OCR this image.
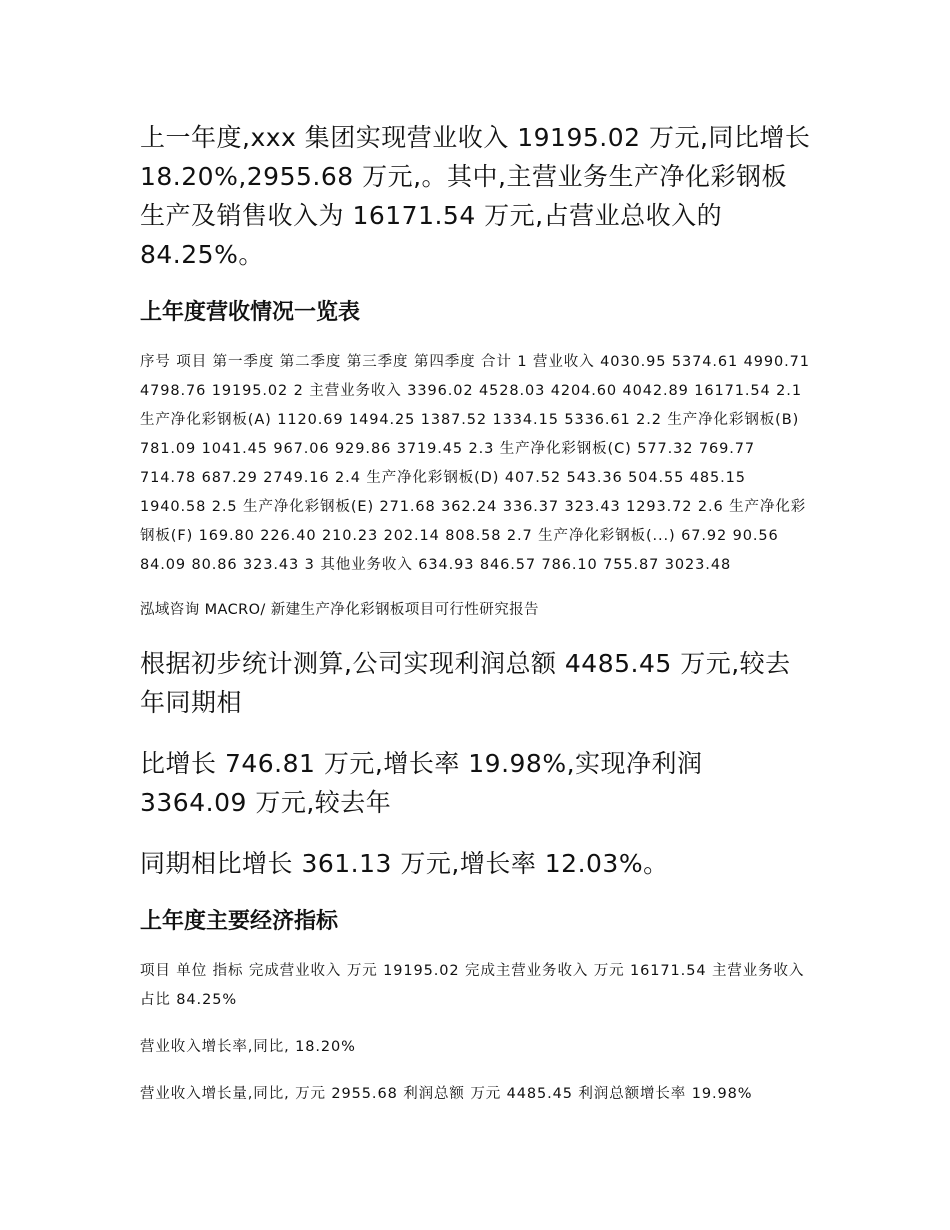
上一年度,xxx 集团实现营业收入 19195.02 万元,同比增长 18.20%,2955.68 万元,。其中,主营业务生产净化彩钢板生产及销售收入为 16171.54 万元,占营业总收入的 84.25%。

上年度营收情况一览表

序号 项目 第一季度 第二季度 第三季度 第四季度 合计 1 营业收入 4030.95 5374.61 4990.71 4798.76 19195.02 2 主营业务收入 3396.02 4528.03 4204.60 4042.89 16171.54 2.1 生产净化彩钢板(A) 1120.69 1494.25 1387.52 1334.15 5336.61 2.2 生产净化彩钢板(B) 781.09 1041.45 967.06 929.86 3719.45 2.3 生产净化彩钢板(C) 577.32 769.77 714.78 687.29 2749.16 2.4 生产净化彩钢板(D) 407.52 543.36 504.55 485.15 1940.58 2.5 生产净化彩钢板(E) 271.68 362.24 336.37 323.43 1293.72 2.6 生产净化彩钢板(F) 169.80 226.40 210.23 202.14 808.58 2.7 生产净化彩钢板(...) 67.92 90.56 84.09 80.86 323.43 3 其他业务收入 634.93 846.57 786.10 755.87 3023.48

泓域咨询 MACRO/ 新建生产净化彩钢板项目可行性研究报告

根据初步统计测算,公司实现利润总额 4485.45 万元,较去年同期相

比增长 746.81 万元,增长率 19.98%,实现净利润 3364.09 万元,较去年

同期相比增长 361.13 万元,增长率 12.03%。

上年度主要经济指标

项目 单位 指标 完成营业收入 万元 19195.02 完成主营业务收入 万元 16171.54 主营业务收入占比 84.25%

营业收入增长率,同比, 18.20%

营业收入增长量,同比, 万元 2955.68 利润总额 万元 4485.45 利润总额增长率 19.98%
